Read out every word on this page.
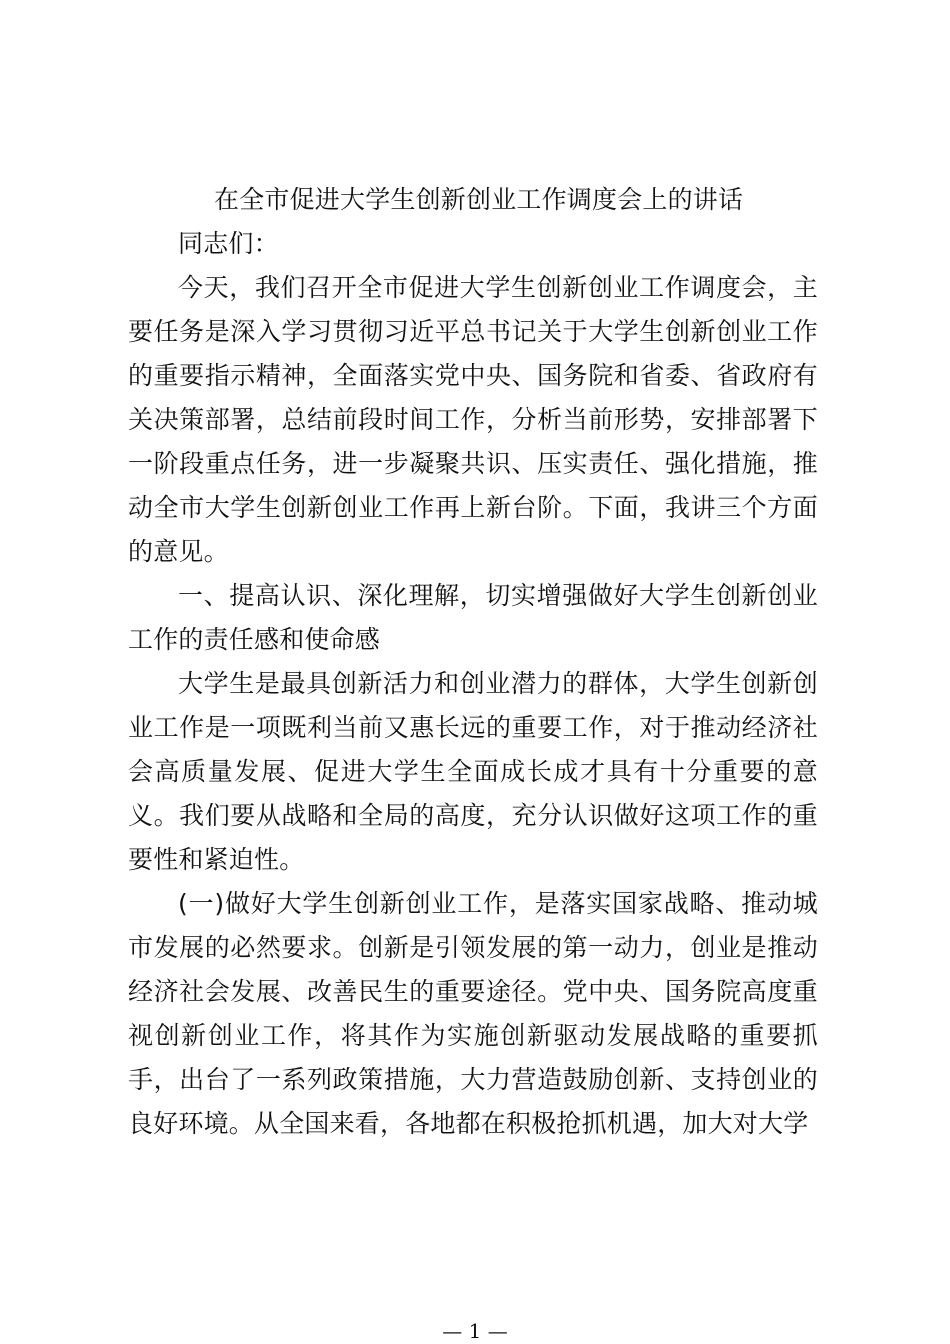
在全市促进大学生创新创业工作调度会上的讲话

同志们：

今天，我们召开全市促进大学生创新创业工作调度会，主要任务是深入学习贯彻习近平总书记关于大学生创新创业工作的重要指示精神，全面落实党中央、国务院和省委、省政府有关决策部署，总结前段时间工作，分析当前形势，安排部署下一阶段重点任务，进一步凝聚共识、压实责任、强化措施，推动全市大学生创新创业工作再上新台阶。下面，我讲三个方面的意见。

一、提高认识、深化理解，切实增强做好大学生创新创业工作的责任感和使命感

大学生是最具创新活力和创业潜力的群体，大学生创新创业工作是一项既利当前又惠长远的重要工作，对于推动经济社会高质量发展、促进大学生全面成长成才具有十分重要的意义。我们要从战略和全局的高度，充分认识做好这项工作的重要性和紧迫性。

(一)做好大学生创新创业工作，是落实国家战略、推动城市发展的必然要求。创新是引领发展的第一动力，创业是推动经济社会发展、改善民生的重要途径。党中央、国务院高度重视创新创业工作，将其作为实施创新驱动发展战略的重要抓手，出台了一系列政策措施，大力营造鼓励创新、支持创业的良好环境。从全国来看，各地都在积极抢抓机遇，加大对大学

— 1 —
